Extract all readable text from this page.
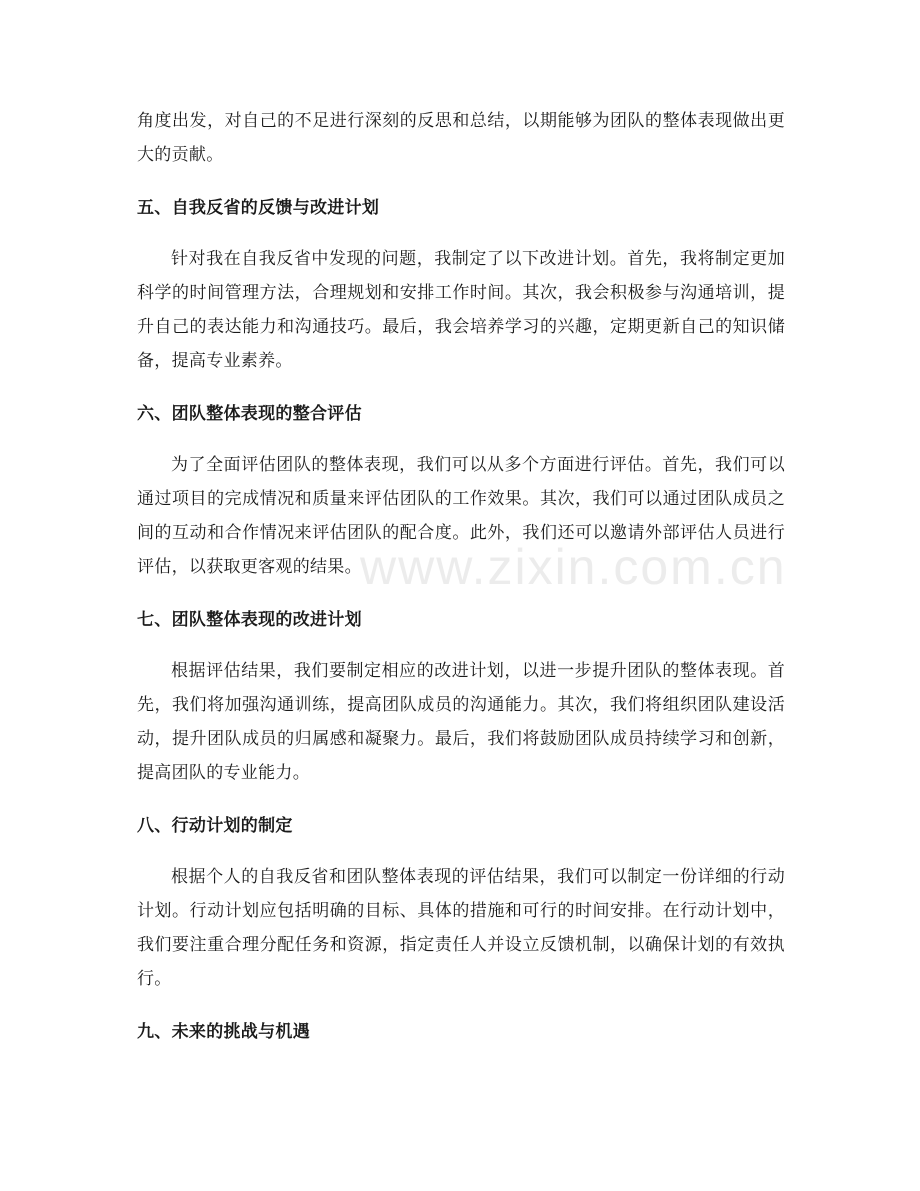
角度出发，对自己的不足进行深刻的反思和总结，以期能够为团队的整体表现做出更大的贡献。

五、自我反省的反馈与改进计划

针对我在自我反省中发现的问题，我制定了以下改进计划。首先，我将制定更加科学的时间管理方法，合理规划和安排工作时间。其次，我会积极参与沟通培训，提升自己的表达能力和沟通技巧。最后，我会培养学习的兴趣，定期更新自己的知识储备，提高专业素养。

六、团队整体表现的整合评估

为了全面评估团队的整体表现，我们可以从多个方面进行评估。首先，我们可以通过项目的完成情况和质量来评估团队的工作效果。其次，我们可以通过团队成员之间的互动和合作情况来评估团队的配合度。此外，我们还可以邀请外部评估人员进行评估，以获取更客观的结果。

七、团队整体表现的改进计划

根据评估结果，我们要制定相应的改进计划，以进一步提升团队的整体表现。首先，我们将加强沟通训练，提高团队成员的沟通能力。其次，我们将组织团队建设活动，提升团队成员的归属感和凝聚力。最后，我们将鼓励团队成员持续学习和创新，提高团队的专业能力。

八、行动计划的制定

根据个人的自我反省和团队整体表现的评估结果，我们可以制定一份详细的行动计划。行动计划应包括明确的目标、具体的措施和可行的时间安排。在行动计划中，我们要注重合理分配任务和资源，指定责任人并设立反馈机制，以确保计划的有效执行。

九、未来的挑战与机遇
www.zixin.com.cn
